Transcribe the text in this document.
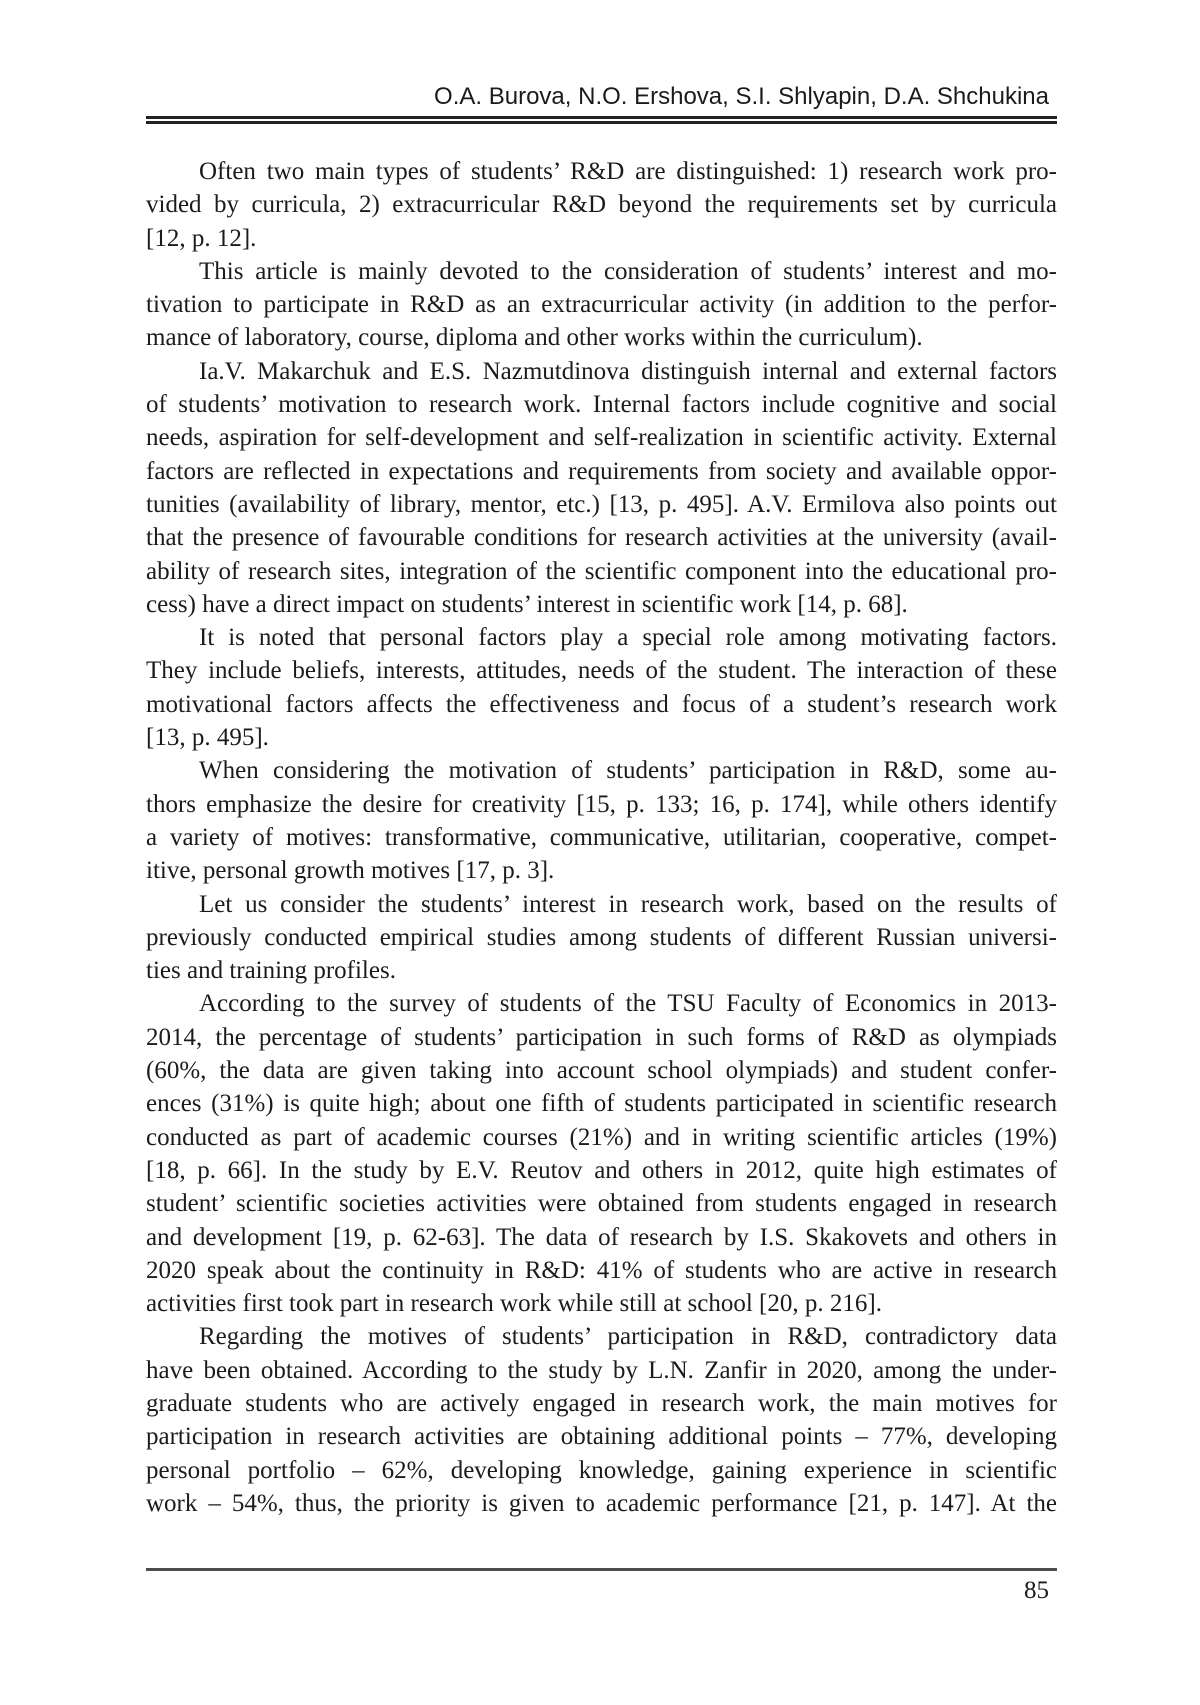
O.A. Burova, N.O. Ershova, S.I. Shlyapin, D.A. Shchukina
Often two main types of students’ R&D are distinguished: 1) research work pro-
vided by curricula, 2) extracurricular R&D beyond the requirements set by curricula
[12, p. 12].
This article is mainly devoted to the consideration of students’ interest and mo-
tivation to participate in R&D as an extracurricular activity (in addition to the perfor-
mance of laboratory, course, diploma and other works within the curriculum).
Ia.V. Makarchuk and E.S. Nazmutdinova distinguish internal and external factors
of students’ motivation to research work. Internal factors include cognitive and social
needs, aspiration for self-development and self-realization in scientific activity. External
factors are reflected in expectations and requirements from society and available oppor-
tunities (availability of library, mentor, etc.) [13, p. 495]. A.V. Ermilova also points out
that the presence of favourable conditions for research activities at the university (avail-
ability of research sites, integration of the scientific component into the educational pro-
cess) have a direct impact on students’ interest in scientific work [14, p. 68].
It is noted that personal factors play a special role among motivating factors.
They include beliefs, interests, attitudes, needs of the student. The interaction of these
motivational factors affects the effectiveness and focus of a student’s research work
[13, p. 495].
When considering the motivation of students’ participation in R&D, some au-
thors emphasize the desire for creativity [15, p. 133; 16, p. 174], while others identify
a variety of motives: transformative, communicative, utilitarian, cooperative, compet-
itive, personal growth motives [17, p. 3].
Let us consider the students’ interest in research work, based on the results of
previously conducted empirical studies among students of different Russian universi-
ties and training profiles.
According to the survey of students of the TSU Faculty of Economics in 2013-
2014, the percentage of students’ participation in such forms of R&D as olympiads
(60%, the data are given taking into account school olympiads) and student confer-
ences (31%) is quite high; about one fifth of students participated in scientific research
conducted as part of academic courses (21%) and in writing scientific articles (19%)
[18, p. 66]. In the study by E.V. Reutov and others in 2012, quite high estimates of
student’ scientific societies activities were obtained from students engaged in research
and development [19, p. 62-63]. The data of research by I.S. Skakovets and others in
2020 speak about the continuity in R&D: 41% of students who are active in research
activities first took part in research work while still at school [20, p. 216].
Regarding the motives of students’ participation in R&D, contradictory data
have been obtained. According to the study by L.N. Zanfir in 2020, among the under-
graduate students who are actively engaged in research work, the main motives for
participation in research activities are obtaining additional points – 77%, developing
personal portfolio – 62%, developing knowledge, gaining experience in scientific
work – 54%, thus, the priority is given to academic performance [21, p. 147]. At the
85
